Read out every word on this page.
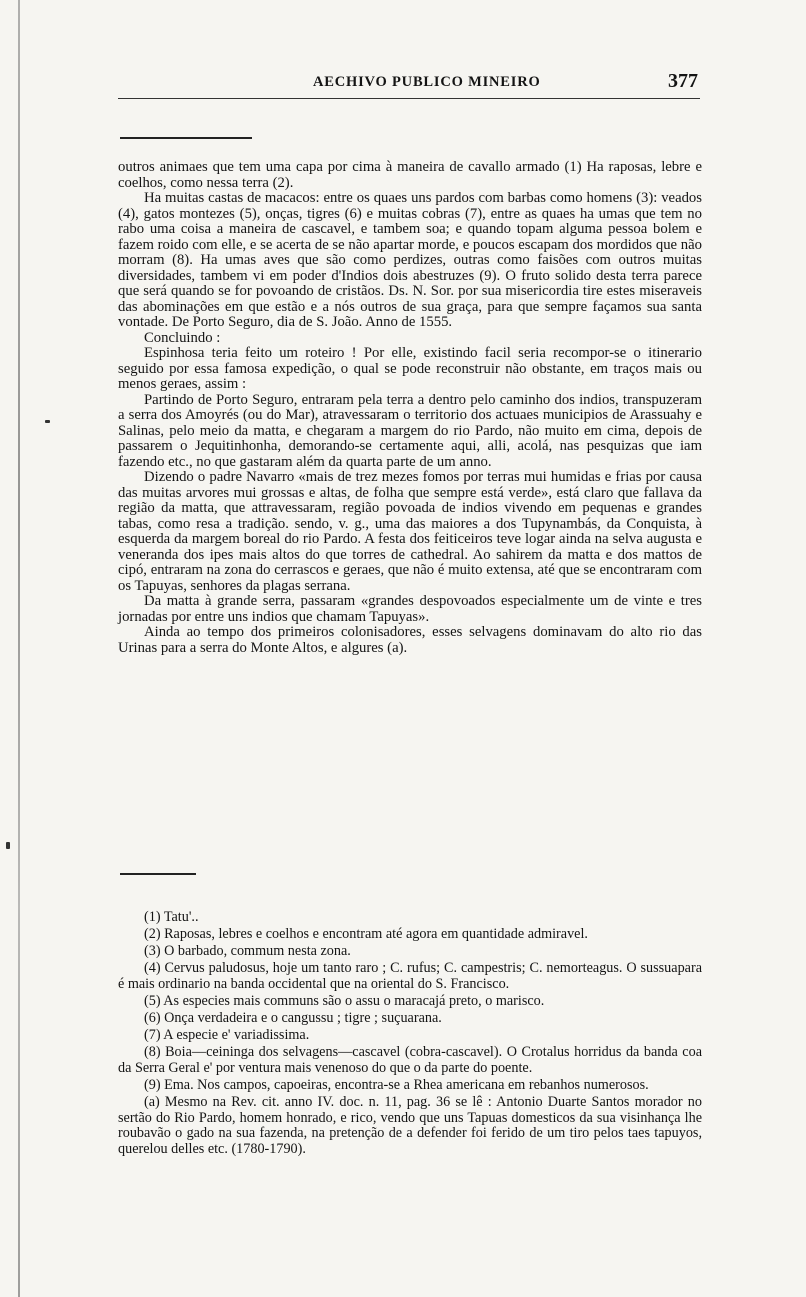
AECHIVO PUBLICO MINEIRO	377

outros animaes que tem uma capa por cima à maneira de cavallo armado (1) Ha raposas, lebre e coelhos, como nessa terra (2).

Ha muitas castas de macacos: entre os quaes uns pardos com barbas como homens (3): veados (4), gatos montezes (5), onças, tigres (6) e muitas cobras (7), entre as quaes ha umas que tem no rabo uma coisa a maneira de cascavel, e tambem soa; e quando topam alguma pessoa bolem e fazem roido com elle, e se acerta de se não apartar morde, e poucos escapam dos mordidos que não morram (8). Ha umas aves que são como perdizes, outras como faisões com outros muitas diversidades, tambem vi em poder d'Indios dois abestruzes (9). O fruto solido desta terra parece que será quando se for povoando de cristãos. Ds. N. Sor. por sua misericordia tire estes miseraveis das abominações em que estão e a nós outros de sua graça, para que sempre façamos sua santa vontade. De Porto Seguro, dia de S. João. Anno de 1555.

Concluindo :

Espinhosa teria feito um roteiro ! Por elle, existindo facil seria recompor-se o itinerario seguido por essa famosa expedição, o qual se pode reconstruir não obstante, em traços mais ou menos geraes, assim :

Partindo de Porto Seguro, entraram pela terra a dentro pelo caminho dos indios, transpuzeram a serra dos Amoyrés (ou do Mar), atravessaram o territorio dos actuaes municipios de Arassuahy e Salinas, pelo meio da matta, e chegaram a margem do rio Pardo, não muito em cima, depois de passarem o Jequitinhonha, demorando-se certamente aqui, alli, acolá, nas pesquizas que iam fazendo etc., no que gastaram além da quarta parte de um anno.

Dizendo o padre Navarro «mais de trez mezes fomos por terras mui humidas e frias por causa das muitas arvores mui grossas e altas, de folha que sempre está verde», está claro que fallava da região da matta, que attravessaram, região povoada de indios vivendo em pequenas e grandes tabas, como resa a tradição. sendo, v. g., uma das maiores a dos Tupynambás, da Conquista, à esquerda da margem boreal do rio Pardo. A festa dos feiticeiros teve logar ainda na selva augusta e veneranda dos ipes mais altos do que torres de cathedral. Ao sahirem da matta e dos mattos de cipó, entraram na zona do cerrascos e geraes, que não é muito extensa, até que se encontraram com os Tapuyas, senhores da plagas serrana.

Da matta à grande serra, passaram «grandes despovoados especialmente um de vinte e tres jornadas por entre uns indios que chamam Tapuyas».

Ainda ao tempo dos primeiros colonisadores, esses selvagens dominavam do alto rio das Urinas para a serra do Monte Altos, e algures (a).

(1) Tatu'..

(2) Raposas, lebres e coelhos e encontram até agora em quantidade admiravel.

(3) O barbado, commum nesta zona.

(4) Cervus paludosus, hoje um tanto raro ; C. rufus; C. campestris; C. nemorteagus. O sussuapara é mais ordinario na banda occidental que na oriental do S. Francisco.

(5) As especies mais communs são o assu o maracajá preto, o marisco.

(6) Onça verdadeira e o cangussu ; tigre ; suçuarana.

(7) A especie e' variadissima.

(8) Boia—ceininga dos selvagens—cascavel (cobra-cascavel). O Crotalus horridus da banda coa da Serra Geral e' por ventura mais venenoso do que o da parte do poente.

(9) Ema. Nos campos, capoeiras, encontra-se a Rhea americana em rebanhos numerosos.

(a) Mesmo na Rev. cit. anno IV. doc. n. 11, pag. 36 se lê : Antonio Duarte Santos morador no sertão do Rio Pardo, homem honrado, e rico, vendo que uns Tapuas domesticos da sua visinhança lhe roubavão o gado na sua fazenda, na pretenção de a defender foi ferido de um tiro pelos taes tapuyos, querelou delles etc. (1780-1790).
